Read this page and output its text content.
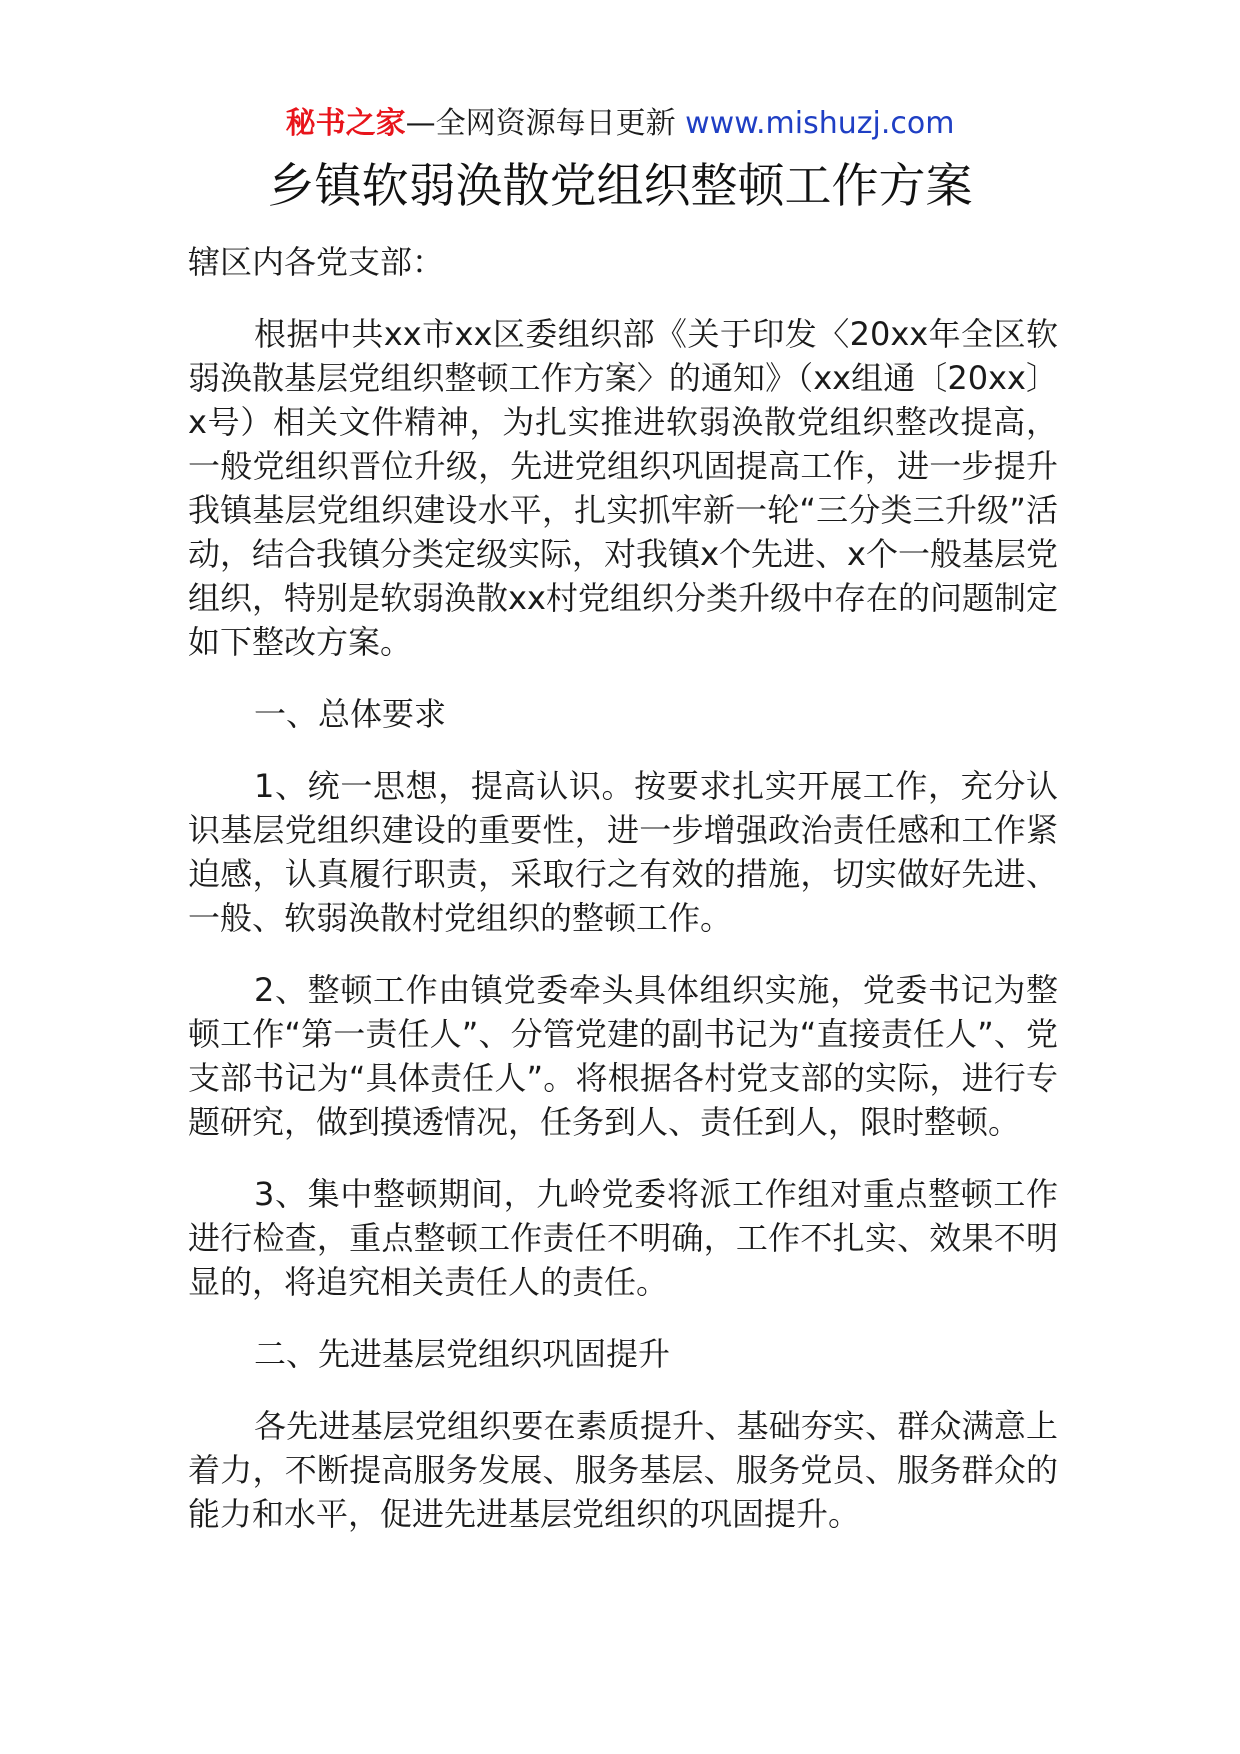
秘书之家—全网资源每日更新 www.mishuzj.com
乡镇软弱涣散党组织整顿工作方案

辖区内各党支部：

根据中共xx市xx区委组织部《关于印发〈20xx年全区软弱涣散基层党组织整顿工作方案〉的通知》（xx组通〔20xx〕x号）相关文件精神，为扎实推进软弱涣散党组织整改提高，一般党组织晋位升级，先进党组织巩固提高工作，进一步提升我镇基层党组织建设水平，扎实抓牢新一轮“三分类三升级”活动，结合我镇分类定级实际，对我镇x个先进、x个一般基层党组织，特别是软弱涣散xx村党组织分类升级中存在的问题制定如下整改方案。

一、总体要求

1、统一思想，提高认识。按要求扎实开展工作，充分认识基层党组织建设的重要性，进一步增强政治责任感和工作紧迫感，认真履行职责，采取行之有效的措施，切实做好先进、一般、软弱涣散村党组织的整顿工作。

2、整顿工作由镇党委牵头具体组织实施，党委书记为整顿工作“第一责任人”、分管党建的副书记为“直接责任人”、党支部书记为“具体责任人”。将根据各村党支部的实际，进行专题研究，做到摸透情况，任务到人、责任到人，限时整顿。

3、集中整顿期间，九岭党委将派工作组对重点整顿工作进行检查，重点整顿工作责任不明确，工作不扎实、效果不明显的，将追究相关责任人的责任。

二、先进基层党组织巩固提升

各先进基层党组织要在素质提升、基础夯实、群众满意上着力，不断提高服务发展、服务基层、服务党员、服务群众的能力和水平，促进先进基层党组织的巩固提升。
